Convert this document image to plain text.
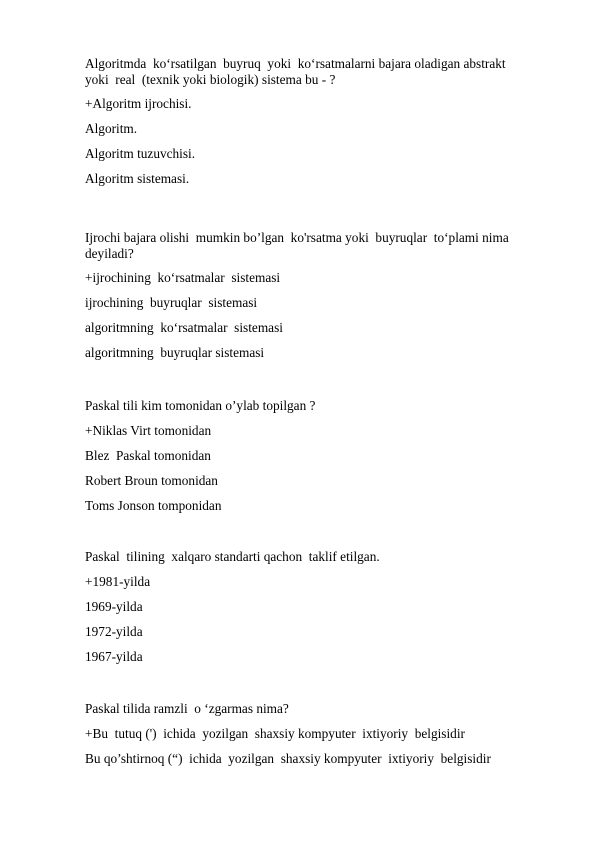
Algoritmda  ko‘rsatilgan  buyruq  yoki  ko‘rsatmalarni bajara oladigan abstrakt yoki  real  (texnik yoki biologik) sistema bu - ?

+Algoritm ijrochisi.

Algoritm.

Algoritm tuzuvchisi.

Algoritm sistemasi.

Ijrochi bajara olishi  mumkin bo’lgan  ko'rsatma yoki  buyruqlar  to‘plami nima deyiladi?

+ijrochining  ko‘rsatmalar  sistemasi

ijrochining  buyruqlar  sistemasi

algoritmning  ko‘rsatmalar  sistemasi

algoritmning  buyruqlar sistemasi

Paskal tili kim tomonidan o’ylab topilgan ?

+Niklas Virt tomonidan

Blez  Paskal tomonidan

Robert Broun tomonidan

Toms Jonson tomponidan

Paskal  tilining  xalqaro standarti qachon  taklif etilgan.

+1981-yilda

1969-yilda

1972-yilda

1967-yilda

Paskal tilida ramzli  o ‘zgarmas nima?

+Bu  tutuq (')  ichida  yozilgan  shaxsiy kompyuter  ixtiyoriy  belgisidir

Bu qo’shtirnoq (“)  ichida  yozilgan  shaxsiy kompyuter  ixtiyoriy  belgisidir
